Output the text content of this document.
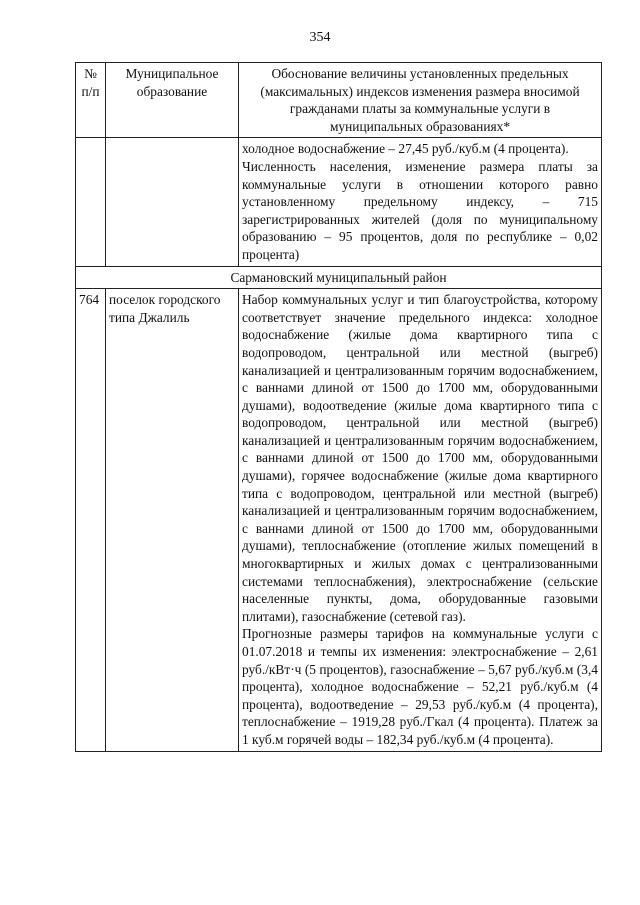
354
№ п/п	Муниципальное образование	Обоснование величины установленных предельных (максимальных) индексов изменения размера вносимой гражданами платы за коммунальные услуги в муниципальных образованиях*

		холодное водоснабжение – 27,45 руб./куб.м (4 процента).

Численность населения, изменение размера платы за коммунальные услуги в отношении которого равно установленному предельному индексу, – 715 зарегистрированных жителей (доля по муниципальному образованию – 95 процентов, доля по республике – 0,02 процента)

Сармановский муниципальный район		
764	поселок городского типа Джалиль	Набор коммунальных услуг и тип благоустройства, которому соответствует значение предельного индекса: холодное водоснабжение (жилые дома квартирного типа с водопроводом, центральной или местной (выгреб) канализацией и централизованным горячим водоснабжением, с ваннами длиной от 1500 до 1700 мм, оборудованными душами), водоотведение (жилые дома квартирного типа с водопроводом, центральной или местной (выгреб) канализацией и централизованным горячим водоснабжением, с ваннами длиной от 1500 до 1700 мм, оборудованными душами), горячее водоснабжение (жилые дома квартирного типа с водопроводом, центральной или местной (выгреб) канализацией и централизованным горячим водоснабжением, с ваннами длиной от 1500 до 1700 мм, оборудованными душами), теплоснабжение (отопление жилых помещений в многоквартирных и жилых домах с централизованными системами теплоснабжения), электроснабжение (сельские населенные пункты, дома, оборудованные газовыми плитами), газоснабжение (сетевой газ).

Прогнозные размеры тарифов на коммунальные услуги с 01.07.2018 и темпы их изменения: электроснабжение – 2,61 руб./кВт·ч (5 процентов), газоснабжение – 5,67 руб./куб.м (3,4 процента), холодное водоснабжение – 52,21 руб./куб.м (4 процента), водоотведение – 29,53 руб./куб.м (4 процента), теплоснабжение – 1919,28 руб./Гкал (4 процента). Платеж за 1 куб.м горячей воды – 182,34 руб./куб.м (4 процента).
